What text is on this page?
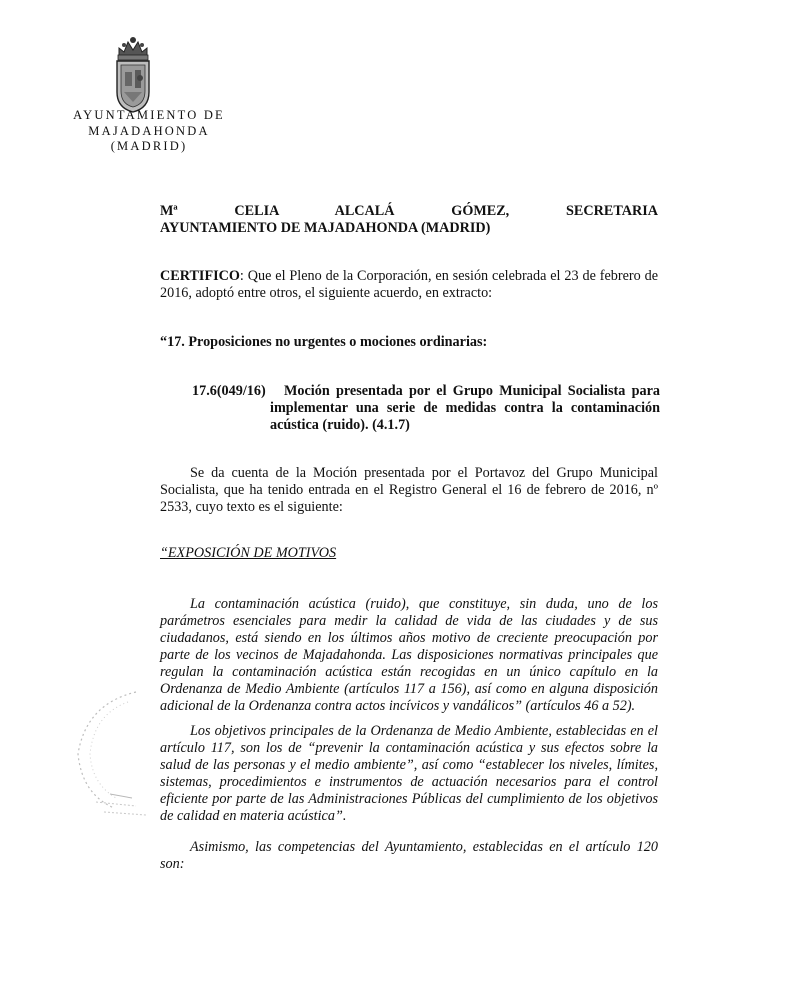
AYUNTAMIENTO DE
MAJADAHONDA
(MADRID)
Mª CELIA ALCALÁ GÓMEZ, SECRETARIA
AYUNTAMIENTO DE MAJADAHONDA (MADRID)
CERTIFICO: Que el Pleno de la Corporación, en sesión celebrada el 23 de febrero de
2016, adoptó entre otros, el siguiente acuerdo, en extracto:
“17. Proposiciones no urgentes o mociones ordinarias:
17.6(049/16) Moción presentada por el Grupo Municipal Socialista para
implementar una serie de medidas contra la contaminación
acústica (ruido). (4.1.7)
Se da cuenta de la Moción presentada por el Portavoz del Grupo Municipal
Socialista, que ha tenido entrada en el Registro General el 16 de febrero de 2016, nº
2533, cuyo texto es el siguiente:
“EXPOSICIÓN DE MOTIVOS
La contaminación acústica (ruido), que constituye, sin duda, uno de los
parámetros esenciales para medir la calidad de vida de las ciudades y de sus
ciudadanos, está siendo en los últimos años motivo de creciente preocupación por
parte de los vecinos de Majadahonda. Las disposiciones normativas principales que
regulan la contaminación acústica están recogidas en un único capítulo en la
Ordenanza de Medio Ambiente (artículos 117 a 156), así como en alguna disposición
adicional de la Ordenanza contra actos incívicos y vandálicos” (artículos 46 a 52).
Los objetivos principales de la Ordenanza de Medio Ambiente, establecidas en el
artículo 117, son los de “prevenir la contaminación acústica y sus efectos sobre la
salud de las personas y el medio ambiente”, así como “establecer los niveles, límites,
sistemas, procedimientos e instrumentos de actuación necesarios para el control
eficiente por parte de las Administraciones Públicas del cumplimiento de los objetivos
de calidad en materia acústica”.
Asimismo, las competencias del Ayuntamiento, establecidas en el artículo 120
son:
